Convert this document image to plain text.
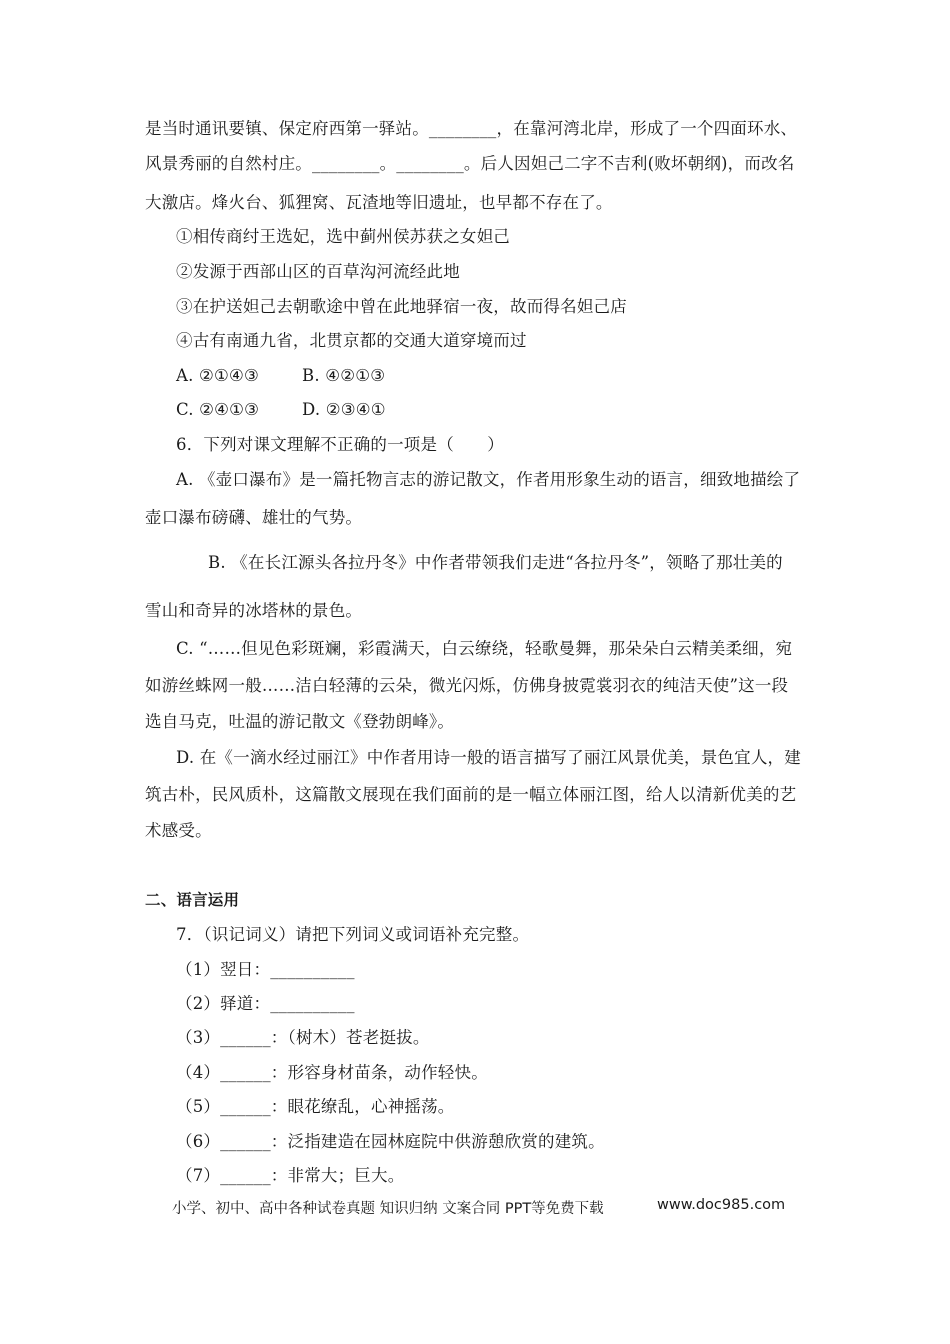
是当时通讯要镇、保定府西第一驿站。________，在靠河湾北岸，形成了一个四面环水、
风景秀丽的自然村庄。________。________。后人因妲己二字不吉利(败坏朝纲)，而改名
大激店。烽火台、狐狸窝、瓦渣地等旧遗址，也早都不存在了。
①相传商纣王选妃，选中蓟州侯苏获之女妲己
②发源于西部山区的百草沟河流经此地
③在护送妲己去朝歌途中曾在此地驿宿一夜，故而得名妲己店
④古有南通九省，北贯京都的交通大道穿境而过
A. ②①④③	B. ④②①③
C. ②④①③	D. ②③④①
6．下列对课文理解不正确的一项是（　　）
A. 《壶口瀑布》是一篇托物言志的游记散文，作者用形象生动的语言，细致地描绘了
壶口瀑布磅礴、雄壮的气势。
B. 《在长江源头各拉丹冬》中作者带领我们走进“各拉丹冬”，领略了那壮美的
雪山和奇异的冰塔林的景色。
C. “……但见色彩斑斓，彩霞满天，白云缭绕，轻歌曼舞，那朵朵白云精美柔细，宛
如游丝蛛网一般……洁白轻薄的云朵，微光闪烁，仿佛身披霓裳羽衣的纯洁天使”这一段
选自马克，吐温的游记散文《登勃朗峰》。
D. 在《一滴水经过丽江》中作者用诗一般的语言描写了丽江风景优美，景色宜人，建
筑古朴，民风质朴，这篇散文展现在我们面前的是一幅立体丽江图，给人以清新优美的艺
术感受。
二、语言运用
7．（识记词义）请把下列词义或词语补充完整。
（1）翌日：__________
（2）驿道：__________
（3）______：（树木）苍老挺拔。
（4）______：形容身材苗条，动作轻快。
（5）______：眼花缭乱，心神摇荡。
（6）______：泛指建造在园林庭院中供游憩欣赏的建筑。
（7）______：非常大；巨大。
小学、初中、高中各种试卷真题 知识归纳 文案合同 PPT等免费下载	www.doc985.com
